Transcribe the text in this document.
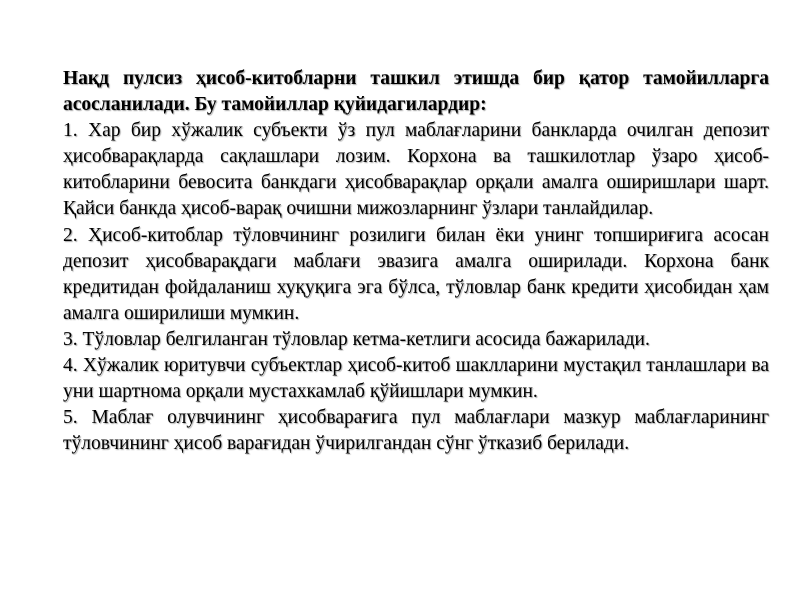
Нақд пулсиз ҳисоб-китобларни ташкил этишда бир қатор тамойилларга асосланилади. Бу тамойиллар қуйидагилардир:

1. Хар бир хўжалик субъекти ўз пул маблағларини банкларда очилган депозит ҳисобварақларда сақлашлари лозим. Корхона ва ташкилотлар ўзаро ҳисоб-китобларини бевосита банкдаги ҳисобварақлар орқали амалга оширишлари шарт. Қайси банкда ҳисоб-варақ очишни мижозларнинг ўзлари танлайдилар.

2. Ҳисоб-китоблар тўловчининг розилиги билан ёки унинг топшириғига асосан депозит ҳисобварақдаги маблағи эвазига амалга оширилади. Корхона банк кредитидан фойдаланиш хуқуқига эга бўлса, тўловлар банк кредити ҳисобидан ҳам амалга оширилиши мумкин.

3. Тўловлар белгиланган тўловлар кетма-кетлиги асосида бажарилади.

4. Хўжалик юритувчи субъектлар ҳисоб-китоб шаклларини мустақил танлашлари ва уни шартнома орқали мустахкамлаб қўйишлари мумкин.

5. Маблағ олувчининг ҳисобварағига пул маблағлари мазкур маблағларининг тўловчининг ҳисоб варағидан ўчирилгандан сўнг ўтказиб берилади.
